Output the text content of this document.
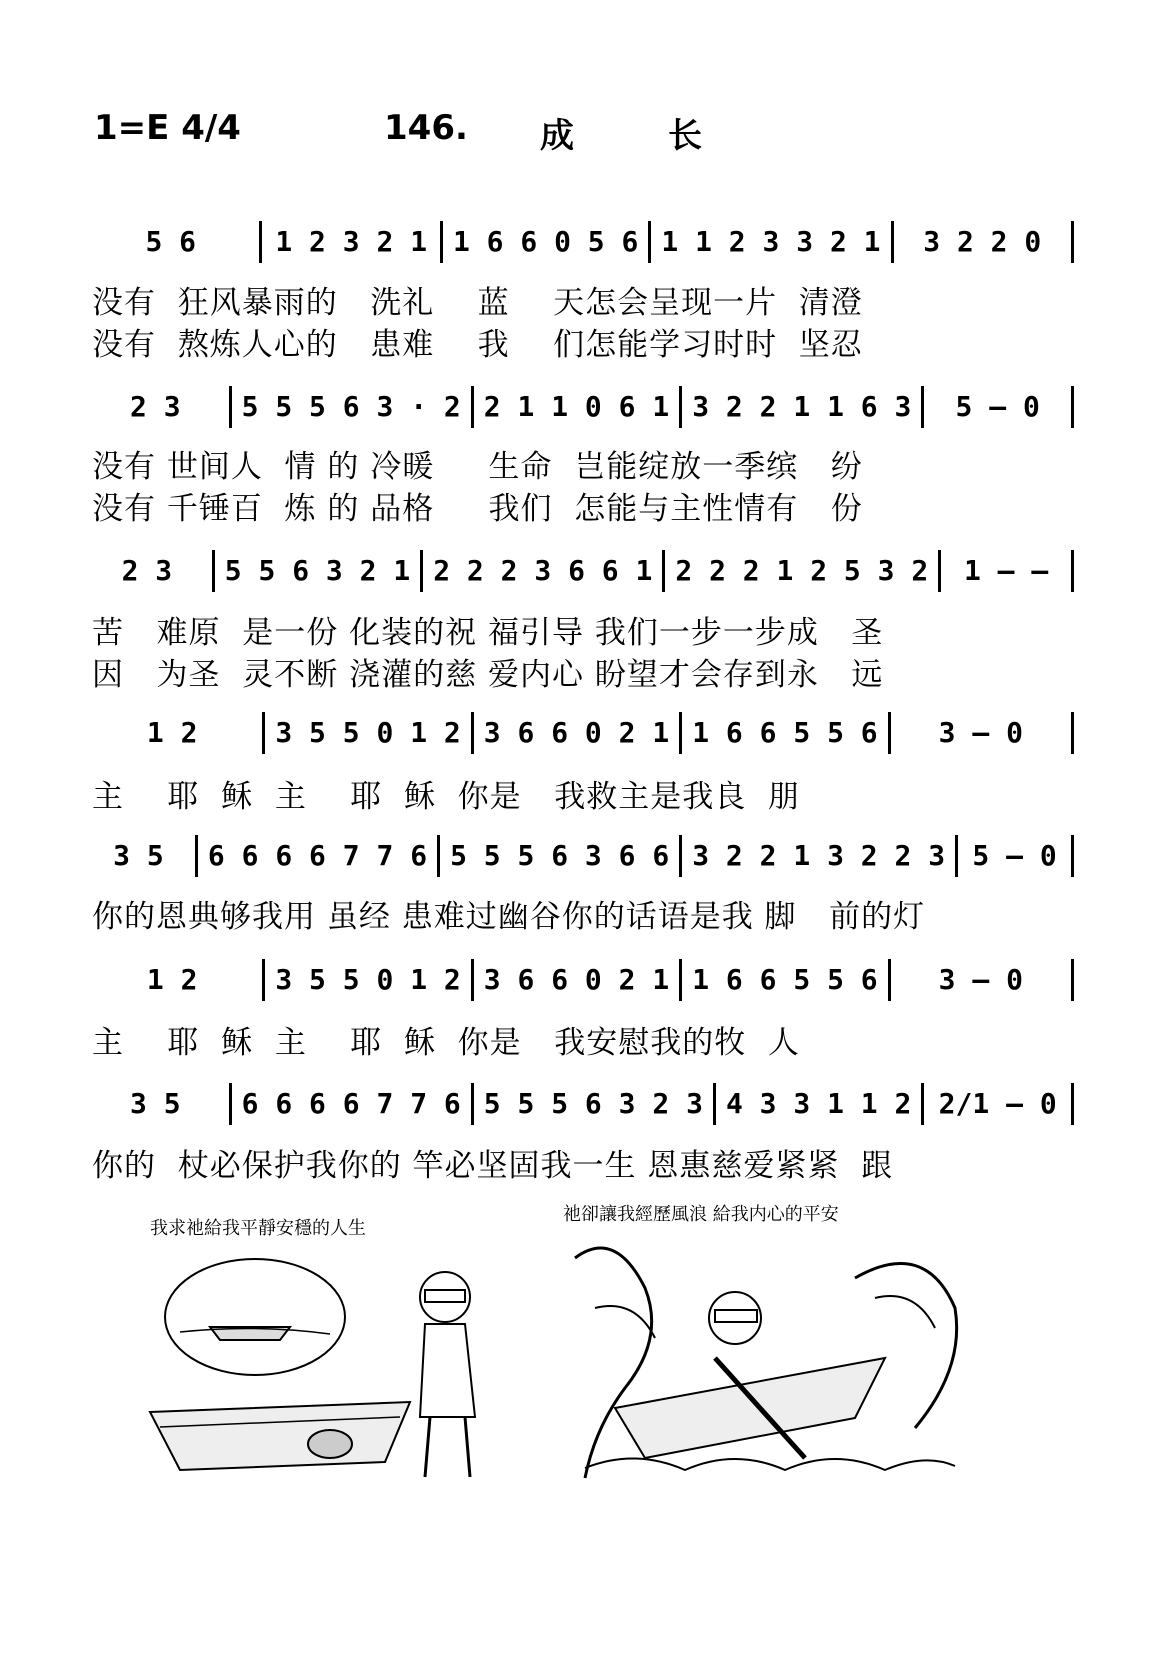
1=E 4/4	146. 成	长
5 6	1 2 3 2 1 1 6 6 0 5 6 1 1 2 3 3 2 1	3 2 2 0
没有  狂风暴雨的   洗礼    蓝    天怎会呈现一片  清澄
没有  熬炼人心的   患难    我    们怎能学习时时  坚忍
2 3	5 5 5 6 3 · 2 2 1 1 0 6 1 3 2 2 1 1 6 3	5 – 0
没有 世间人  情 的 冷暖     生命  岂能绽放一季缤   纷
没有 千锤百  炼 的 品格     我们  怎能与主性情有   份
2 3	5 5 6 3 2 1 2 2 2 3 6 6 1 2 2 2 1 2 5 3 2	1 – –
苦   难原  是一份 化装的祝 福引导 我们一步一步成   圣
因   为圣  灵不断 浇灌的慈 爱内心 盼望才会存到永   远
1 2	3 5 5 0 1 2 3 6 6 0 2 1 1 6 6 5 5 6	3 – 0
主    耶  稣  主    耶  稣  你是   我救主是我良  朋
3 5	6 6 6 6 7 7 6 5 5 5 6 3 6 6 3 2 2 1 3 2 2 3 5 – 0
你的恩典够我用 虽经 患难过幽谷你的话语是我 脚   前的灯
1 2	3 5 5 0 1 2 3 6 6 0 2 1 1 6 6 5 5 6	3 – 0
主    耶  稣  主    耶  稣  你是   我安慰我的牧  人
3 5	6 6 6 6 7 7 6 5 5 5 6 3 2 3 4 3 3 1 1 2 2/1 – 0
你的  杖必保护我你的 竿必坚固我一生 恩惠慈爱紧紧  跟
我求祂給我平靜安穩的人生
祂卻讓我經歷風浪 給我内心的平安
